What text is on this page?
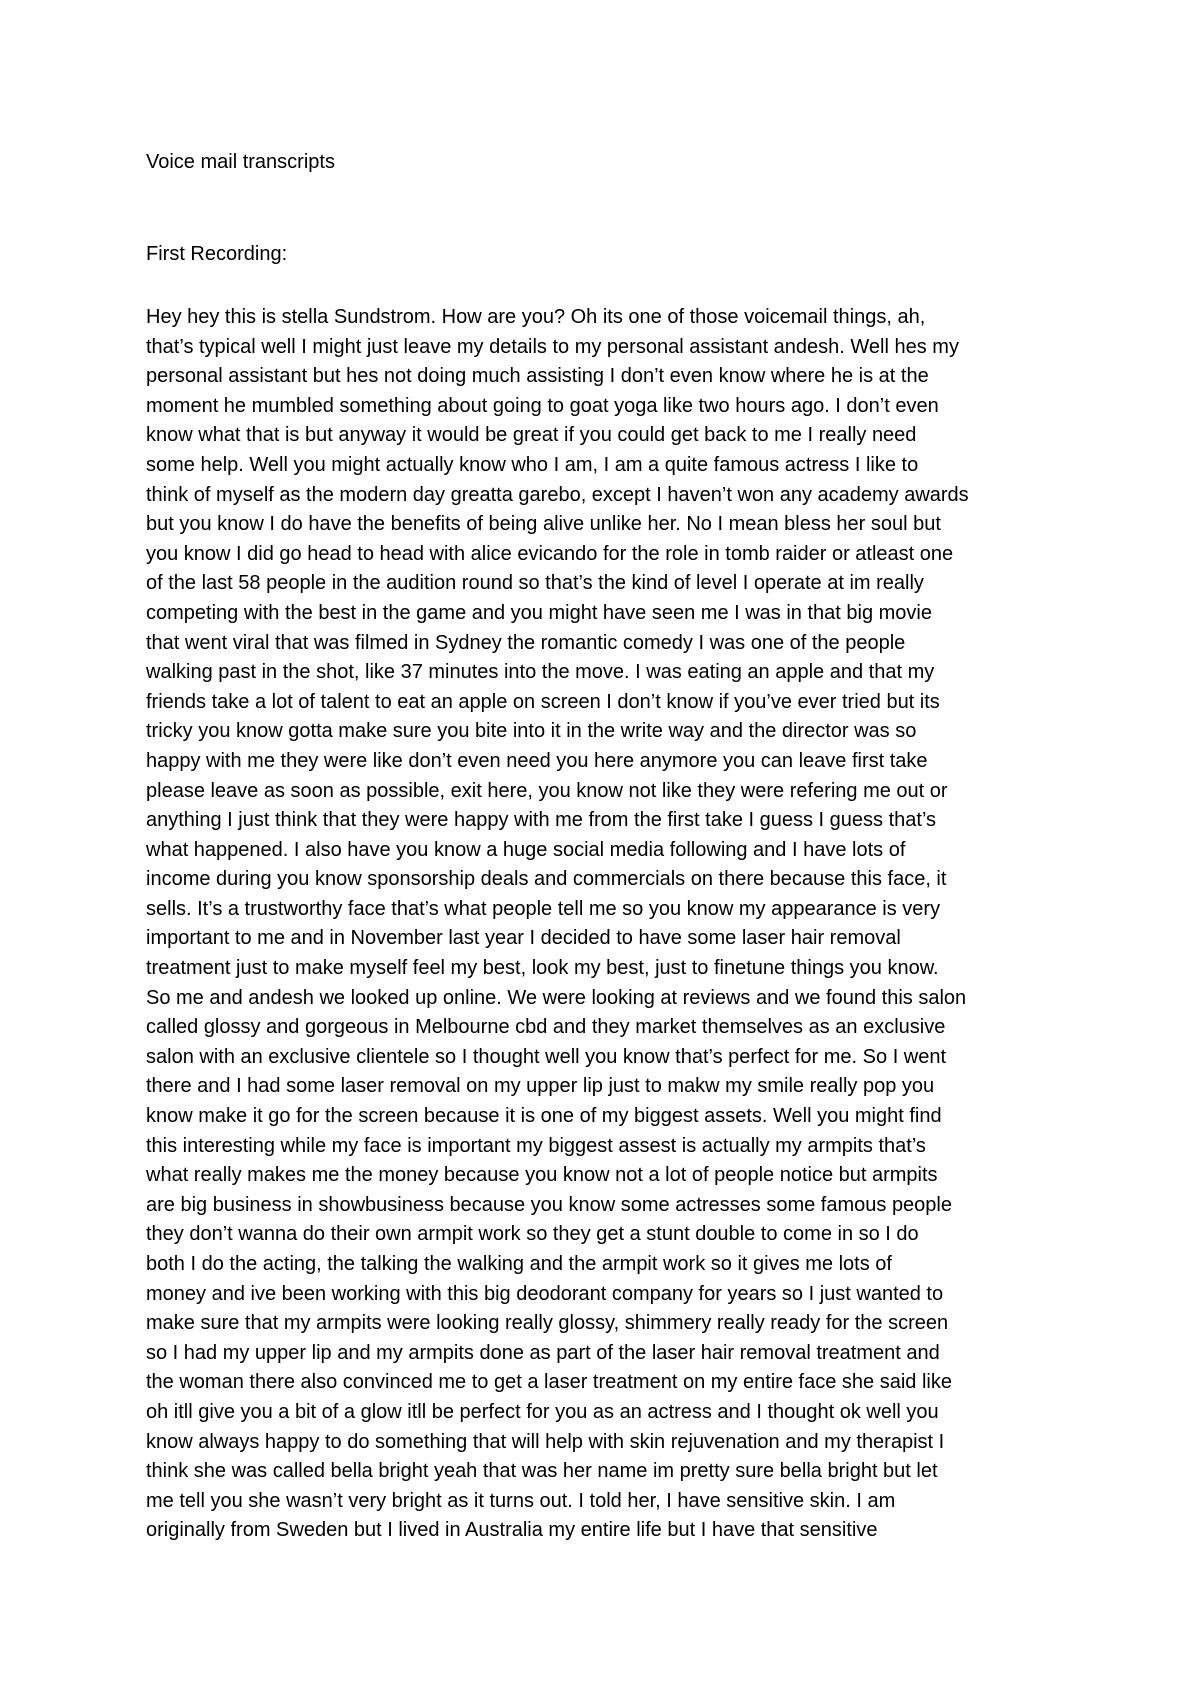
Voice mail transcripts

First Recording:

Hey hey this is stella Sundstrom. How are you? Oh its one of those voicemail things, ah,
that’s typical well I might just leave my details to my personal assistant andesh. Well hes my
personal assistant but hes not doing much assisting I don’t even know where he is at the
moment he mumbled something about going to goat yoga like two hours ago. I don’t even
know what that is but anyway it would be great if you could get back to me I really need
some help. Well you might actually know who I am, I am a quite famous actress I like to
think of myself as the modern day greatta garebo, except I haven’t won any academy awards
but you know I do have the benefits of being alive unlike her. No I mean bless her soul but
you know I did go head to head with alice evicando for the role in tomb raider or atleast one
of the last 58 people in the audition round so that’s the kind of level I operate at im really
competing with the best in the game and you might have seen me I was in that big movie
that went viral that was filmed in Sydney the romantic comedy I was one of the people
walking past in the shot, like 37 minutes into the move. I was eating an apple and that my
friends take a lot of talent to eat an apple on screen I don’t know if you’ve ever tried but its
tricky you know gotta make sure you bite into it in the write way and the director was so
happy with me they were like don’t even need you here anymore you can leave first take
please leave as soon as possible, exit here, you know not like they were refering me out or
anything I just think that they were happy with me from the first take I guess I guess that’s
what happened. I also have you know a huge social media following and I have lots of
income during you know sponsorship deals and commercials on there because this face, it
sells. It’s a trustworthy face that’s what people tell me so you know my appearance is very
important to me and in November last year I decided to have some laser hair removal
treatment just to make myself feel my best, look my best, just to finetune things you know.
So me and andesh we looked up online. We were looking at reviews and we found this salon
called glossy and gorgeous in Melbourne cbd and they market themselves as an exclusive
salon with an exclusive clientele so I thought well you know that’s perfect for me. So I went
there and I had some laser removal on my upper lip just to makw my smile really pop you
know make it go for the screen because it is one of my biggest assets. Well you might find
this interesting while my face is important my biggest assest is actually my armpits that’s
what really makes me the money because you know not a lot of people notice but armpits
are big business in showbusiness because you know some actresses some famous people
they don’t wanna do their own armpit work so they get a stunt double to come in so I do
both I do the acting, the talking the walking and the armpit work so it gives me lots of
money and ive been working with this big deodorant company for years so I just wanted to
make sure that my armpits were looking really glossy, shimmery really ready for the screen
so I had my upper lip and my armpits done as part of the laser hair removal treatment and
the woman there also convinced me to get a laser treatment on my entire face she said like
oh itll give you a bit of a glow itll be perfect for you as an actress and I thought ok well you
know always happy to do something that will help with skin rejuvenation and my therapist I
think she was called bella bright yeah that was her name im pretty sure bella bright but let
me tell you she wasn’t very bright as it turns out. I told her, I have sensitive skin. I am
originally from Sweden but I lived in Australia my entire life but I have that sensitive
